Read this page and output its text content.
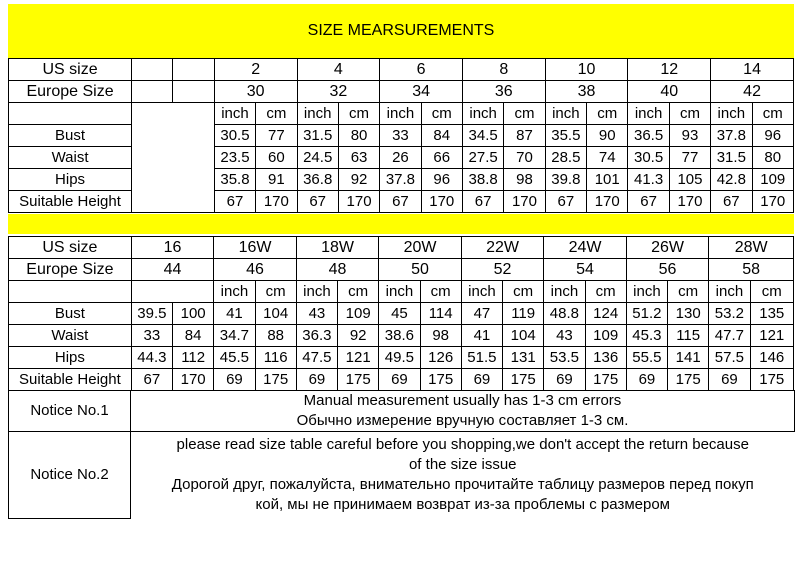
SIZE MEARSUREMENTS
US size			2		4		6		8		10		12		14	
Europe Size			30		32		34		36		38		40		42	
			inch	cm	inch	cm	inch	cm	inch	cm	inch	cm	inch	cm	inch	cm
Bust			30.5	77	31.5	80	33	84	34.5	87	35.5	90	36.5	93	37.8	96
Waist			23.5	60	24.5	63	26	66	27.5	70	28.5	74	30.5	77	31.5	80
Hips			35.8	91	36.8	92	37.8	96	38.8	98	39.8	101	41.3	105	42.8	109
Suitable Height			67	170	67	170	67	170	67	170	67	170	67	170	67	170
US size	16		16W		18W		20W		22W		24W		26W		28W	
Europe Size	44		46		48		50		52		54		56		58	
			inch	cm	inch	cm	inch	cm	inch	cm	inch	cm	inch	cm	inch	cm
Bust	39.5	100	41	104	43	109	45	114	47	119	48.8	124	51.2	130	53.2	135
Waist	33	84	34.7	88	36.3	92	38.6	98	41	104	43	109	45.3	115	47.7	121
Hips	44.3	112	45.5	116	47.5	121	49.5	126	51.5	131	53.5	136	55.5	141	57.5	146
Suitable Height	67	170	69	175	69	175	69	175	69	175	69	175	69	175	69	175
Notice No.1	Manual measurement usually has 1-3 cm errors
Обычно измерение вручную составляет 1-3 см.

Notice No.2	please read size table careful before you shopping,we don't accept the return because
of the size issue
Дорогой друг, пожалуйста, внимательно прочитайте таблицу размеров перед покуп
кой, мы не принимаем возврат из-за проблемы с размером
